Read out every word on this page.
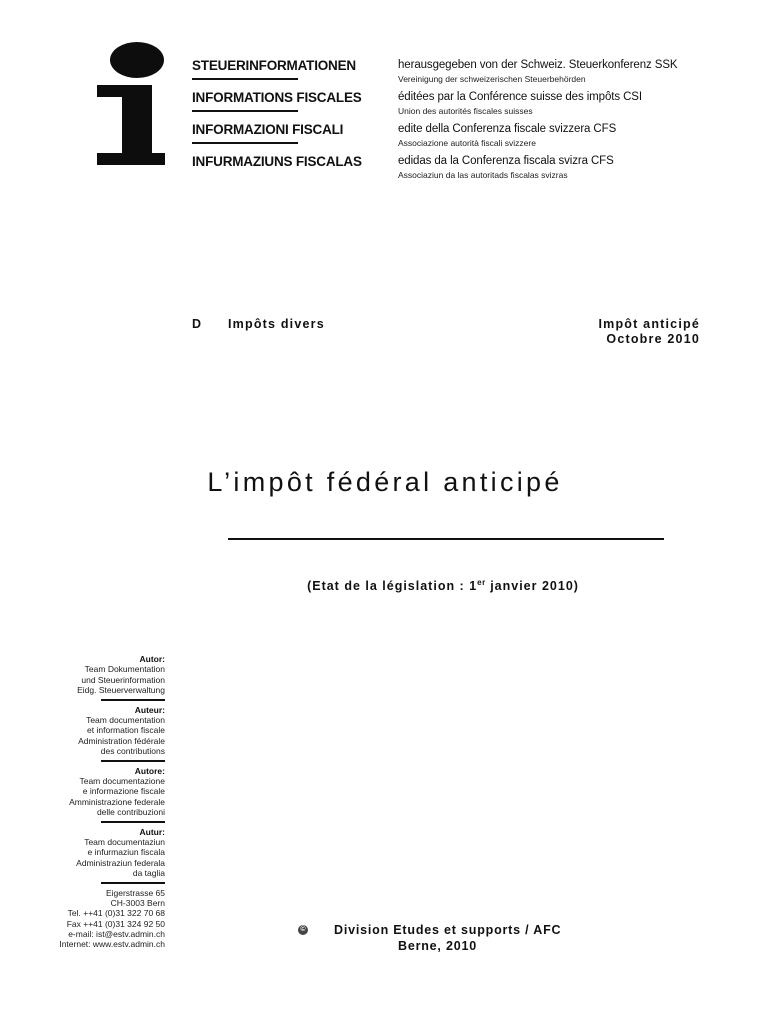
STEUERINFORMATIONEN	herausgegeben von der Schweiz. Steuerkonferenz SSK
Vereinigung der schweizerischen Steuerbehörden
INFORMATIONS FISCALES	éditées par la Conférence suisse des impôts CSI
Union des autorités fiscales suisses
INFORMAZIONI FISCALI	edite della Conferenza fiscale svizzera CFS
Associazione autorità fiscali svizzere
INFURMAZIUNS FISCALAS	edidas da la Conferenza fiscala svizra CFS
Associaziun da las autoritads fiscalas svizras
D Impôts divers	Impôt anticipé
Octobre 2010
L’impôt fédéral anticipé
(Etat de la législation : 1er janvier 2010)
Autor:
Team Dokumentation
und Steuerinformation
Eidg. Steuerverwaltung
Auteur:
Team documentation
et information fiscale
Administration fédérale
des contributions
Autore:
Team documentazione
e informazione fiscale
Amministrazione federale
delle contribuzioni
Autur:
Team documentaziun
e infurmaziun fiscala
Administraziun federala
da taglia
Eigerstrasse 65
CH-3003 Bern
Tel. ++41 (0)31 322 70 68
Fax ++41 (0)31 324 92 50
e-mail: ist@estv.admin.ch
Internet: www.estv.admin.ch
© Division Etudes et supports / AFC
Berne, 2010
